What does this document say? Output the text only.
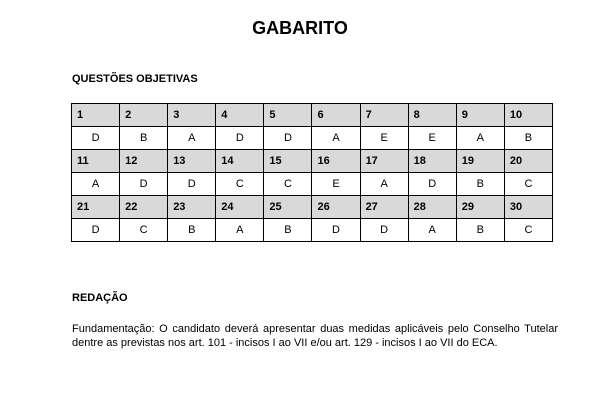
GABARITO
QUESTÕES OBJETIVAS
1	2	3	4	5	6	7	8	9	10
D	B	A	D	D	A	E	E	A	B
11	12	13	14	15	16	17	18	19	20
A	D	D	C	C	E	A	D	B	C
21	22	23	24	25	26	27	28	29	30
D	C	B	A	B	D	D	A	B	C
REDAÇÃO
Fundamentação: O candidato deverá apresentar duas medidas aplicáveis pelo Conselho Tutelar dentre as previstas nos art. 101 - incisos I ao VII e/ou art. 129 - incisos I ao VII do ECA.
